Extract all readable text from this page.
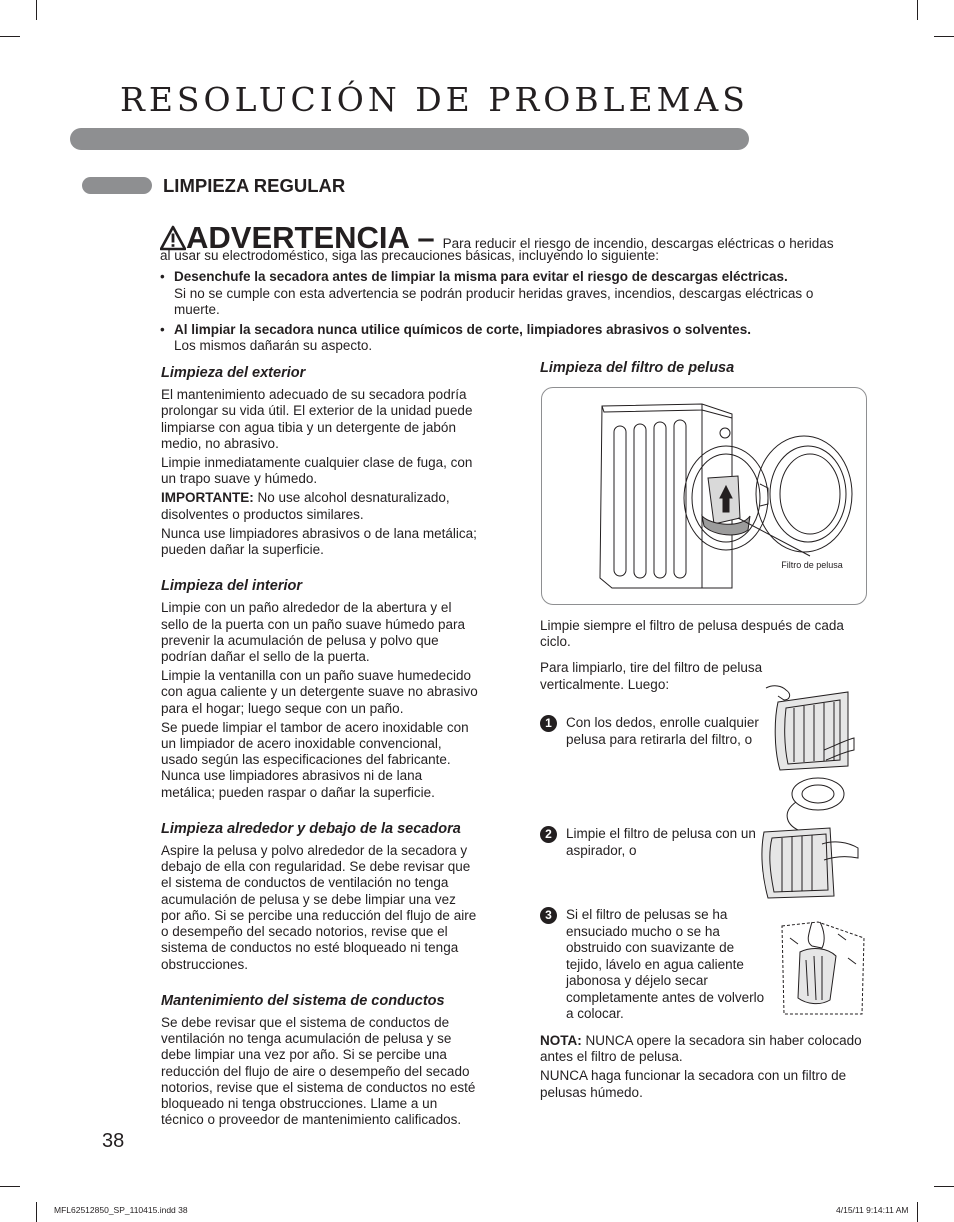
RESOLUCIÓN DE PROBLEMAS
LIMPIEZA REGULAR
ADVERTENCIA – Para reducir el riesgo de incendio, descargas eléctricas o heridas
al usar su electrodoméstico, siga las precauciones básicas, incluyendo lo siguiente:
• Desenchufe la secadora antes de limpiar la misma para evitar el riesgo de descargas eléctricas.
Si no se cumple con esta advertencia se podrán producir heridas graves, incendios, descargas eléctricas o muerte.
• Al limpiar la secadora nunca utilice químicos de corte, limpiadores abrasivos o solventes.
Los mismos dañarán su aspecto.
Limpieza del exterior

El mantenimiento adecuado de su secadora podría prolongar su vida útil. El exterior de la unidad puede limpiarse con agua tibia y un detergente de jabón medio, no abrasivo.

Limpie inmediatamente cualquier clase de fuga, con un trapo suave y húmedo.

IMPORTANTE: No use alcohol desnaturalizado, disolventes o productos similares.

Nunca use limpiadores abrasivos o de lana metálica; pueden dañar la superficie.

Limpieza del interior

Limpie con un paño alrededor de la abertura y el sello de la puerta con un paño suave húmedo para prevenir la acumulación de pelusa y polvo que podrían dañar el sello de la puerta.

Limpie la ventanilla con un paño suave humedecido con agua caliente y un detergente suave no abrasivo para el hogar; luego seque con un paño.

Se puede limpiar el tambor de acero inoxidable con un limpiador de acero inoxidable convencional, usado según las especificaciones del fabricante. Nunca use limpiadores abrasivos ni de lana metálica; pueden raspar o dañar la superficie.

Limpieza alrededor y debajo de la secadora

Aspire la pelusa y polvo alrededor de la secadora y debajo de ella con regularidad. Se debe revisar que el sistema de conductos de ventilación no tenga acumulación de pelusa y se debe limpiar una vez por año. Si se percibe una reducción del flujo de aire o desempeño del secado notorios, revise que el sistema de conductos no esté bloqueado ni tenga obstrucciones.

Mantenimiento del sistema de conductos

Se debe revisar que el sistema de conductos de ventilación no tenga acumulación de pelusa y se debe limpiar una vez por año. Si se percibe una reducción del flujo de aire o desempeño del secado notorios, revise que el sistema de conductos no esté bloqueado ni tenga obstrucciones. Llame a un técnico o proveedor de mantenimiento calificados.

Limpieza del filtro de pelusa
Filtro de pelusa

Limpie siempre el filtro de pelusa después de cada ciclo.

Para limpiarlo, tire del filtro de pelusa verticalmente. Luego:

1	Con los dedos, enrolle cualquier pelusa para retirarla del filtro, o
2	Limpie el filtro de pelusa con un aspirador, o
3	Si el filtro de pelusas se ha ensuciado mucho o se ha obstruido con suavizante de tejido, lávelo en agua caliente jabonosa y déjelo secar completamente antes de volverlo a colocar.

NOTA: NUNCA opere la secadora sin haber colocado antes el filtro de pelusa.

NUNCA haga funcionar la secadora con un filtro de pelusas húmedo.

38
MFL62512850_SP_110415.indd 38	4/15/11 9:14:11 AM
